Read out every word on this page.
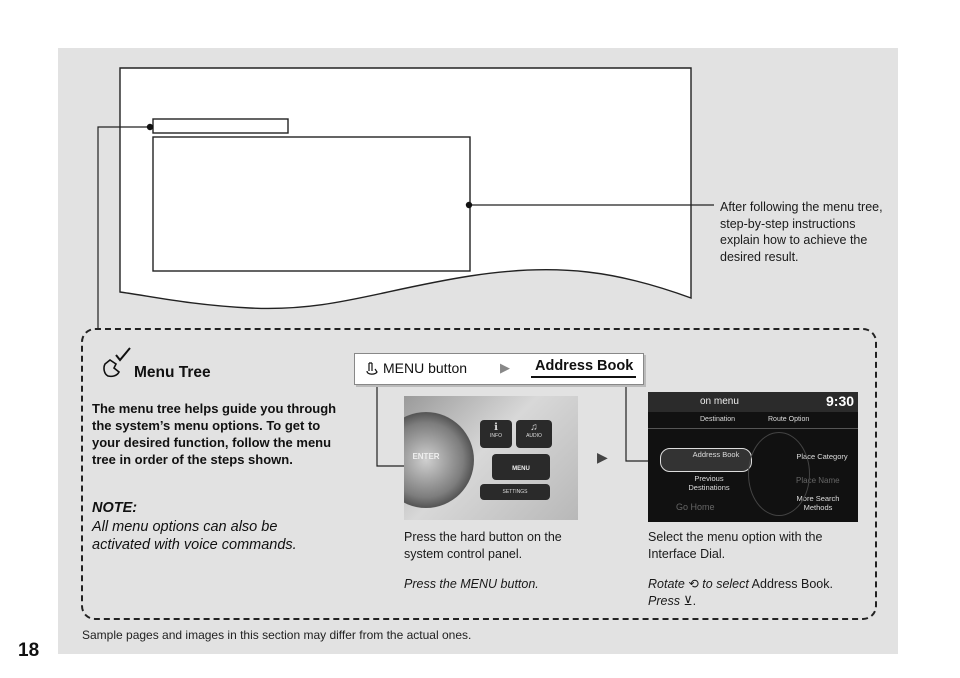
After following the menu tree, step-by-step instructions explain how to achieve the desired result.
Menu Tree
The menu tree helps guide you through the system’s menu options. To get to your desired function, follow the menu tree in order of the steps shown.
NOTE:
All menu options can also be activated with voice commands.
MENU button	▶ Address Book
ENTER
ℹ
INFO
♫
AUDIO
MENU
SETTINGS
▶
on menu	9:30
Destination	Route Option
Address Book	Place Category
Previous Destinations
Place Name
Go Home
More Search Methods
Press the hard button on the system control panel.
Press the MENU button.
Select the menu option with the Interface Dial.
Rotate ⟲ to select Address Book.
Press ⊻.
Sample pages and images in this section may differ from the actual ones.
18
